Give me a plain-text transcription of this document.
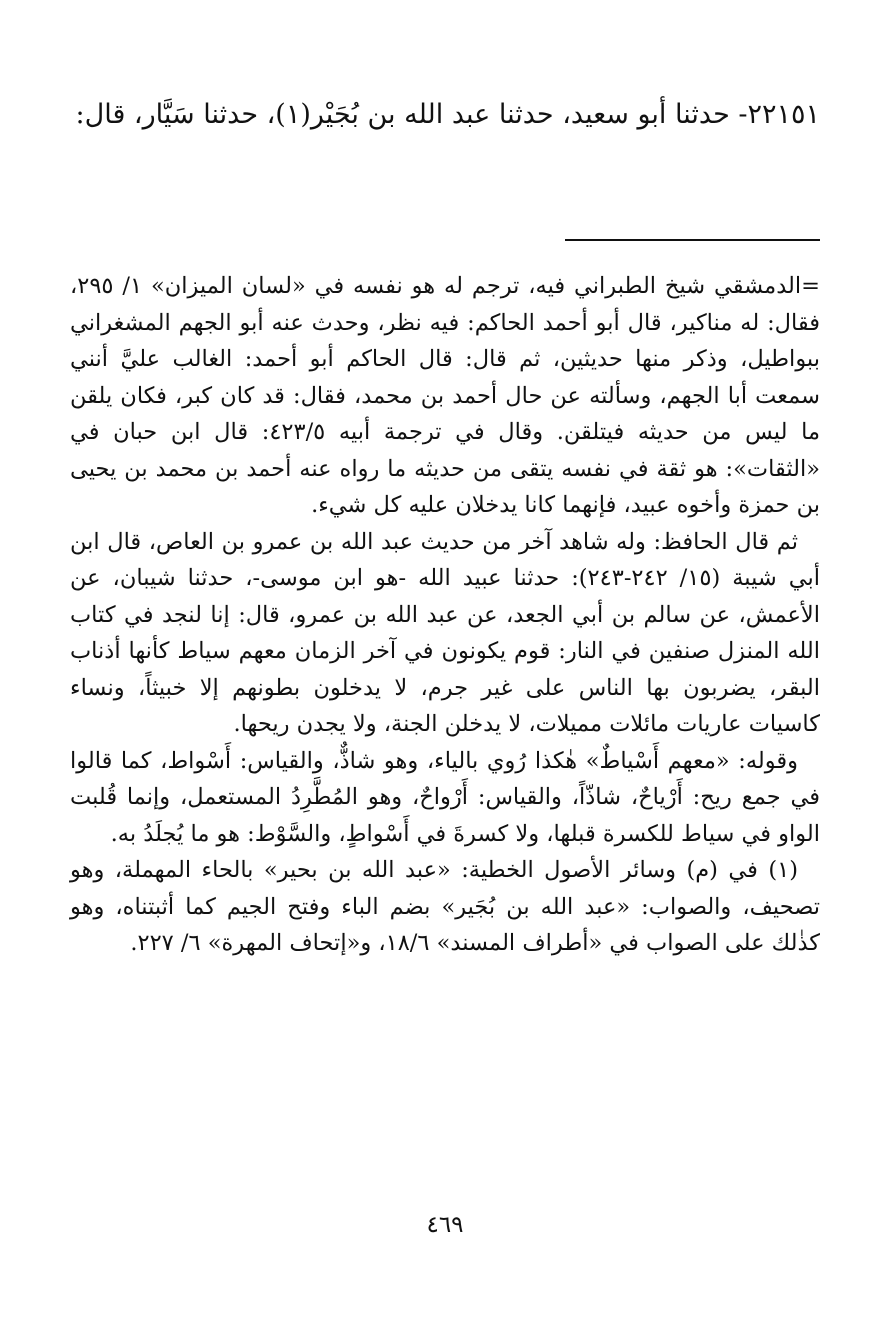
٢٢١٥١- حدثنا أبو سعيد، حدثنا عبد الله بن بُجَيْر(١)، حدثنا سَيَّار، قال:

=الدمشقي شيخ الطبراني فيه، ترجم له هو نفسه في «لسان الميزان» ١/ ٢٩٥، فقال: له مناكير، قال أبو أحمد الحاكم: فيه نظر، وحدث عنه أبو الجهم المشغراني ببواطيل، وذكر منها حديثين، ثم قال: قال الحاكم أبو أحمد: الغالب عليَّ أنني سمعت أبا الجهم، وسألته عن حال أحمد بن محمد، فقال: قد كان كبر، فكان يلقن ما ليس من حديثه فيتلقن. وقال في ترجمة أبيه ٤٢٣/٥: قال ابن حبان في «الثقات»: هو ثقة في نفسه يتقى من حديثه ما رواه عنه أحمد بن محمد بن يحيى بن حمزة وأخوه عبيد، فإنهما كانا يدخلان عليه كل شيء.

ثم قال الحافظ: وله شاهد آخر من حديث عبد الله بن عمرو بن العاص، قال ابن أبي شيبة (١٥/ ٢٤٢-٢٤٣): حدثنا عبيد الله -هو ابن موسى-، حدثنا شيبان، عن الأعمش، عن سالم بن أبي الجعد، عن عبد الله بن عمرو، قال: إنا لنجد في كتاب الله المنزل صنفين في النار: قوم يكونون في آخر الزمان معهم سياط كأنها أذناب البقر، يضربون بها الناس على غير جرم، لا يدخلون بطونهم إلا خبيثاً، ونساء كاسيات عاريات مائلات مميلات، لا يدخلن الجنة، ولا يجدن ريحها.

وقوله: «معهم أَسْياطٌ» هٰكذا رُوي بالياء، وهو شاذٌّ، والقياس: أَسْواط، كما قالوا في جمع ريح: أَرْياحٌ، شاذّاً، والقياس: أَرْواحٌ، وهو المُطَّرِدُ المستعمل، وإنما قُلبت الواو في سياط للكسرة قبلها، ولا كسرةَ في أَسْواطٍ، والسَّوْط: هو ما يُجلَدُ به.

(١) في (م) وسائر الأصول الخطية: «عبد الله بن بحير» بالحاء المهملة، وهو تصحيف، والصواب: «عبد الله بن بُجَير» بضم الباء وفتح الجيم كما أثبتناه، وهو كذٰلك على الصواب في «أطراف المسند» ١٨/٦، و«إتحاف المهرة» ٦/ ٢٢٧.

٤٦٩
